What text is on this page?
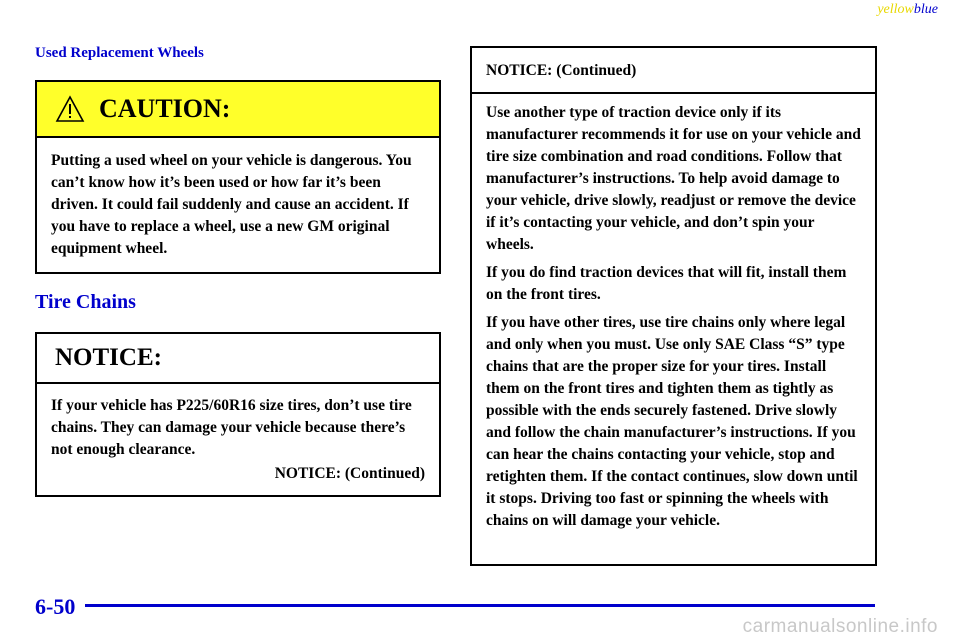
yellowblue
Used Replacement Wheels
CAUTION:
Putting a used wheel on your vehicle is dangerous. You can’t know how it’s been used or how far it’s been driven. It could fail suddenly and cause an accident. If you have to replace a wheel, use a new GM original equipment wheel.
Tire Chains
NOTICE:
If your vehicle has P225/60R16 size tires, don’t use tire chains. They can damage your vehicle because there’s not enough clearance.
NOTICE: (Continued)
NOTICE: (Continued)

Use another type of traction device only if its manufacturer recommends it for use on your vehicle and tire size combination and road conditions. Follow that manufacturer’s instructions. To help avoid damage to your vehicle, drive slowly, readjust or remove the device if it’s contacting your vehicle, and don’t spin your wheels.

If you do find traction devices that will fit, install them on the front tires.

If you have other tires, use tire chains only where legal and only when you must. Use only SAE Class “S” type chains that are the proper size for your tires. Install them on the front tires and tighten them as tightly as possible with the ends securely fastened. Drive slowly and follow the chain manufacturer’s instructions. If you can hear the chains contacting your vehicle, stop and retighten them. If the contact continues, slow down until it stops. Driving too fast or spinning the wheels with chains on will damage your vehicle.

6-50
carmanualsonline.info
